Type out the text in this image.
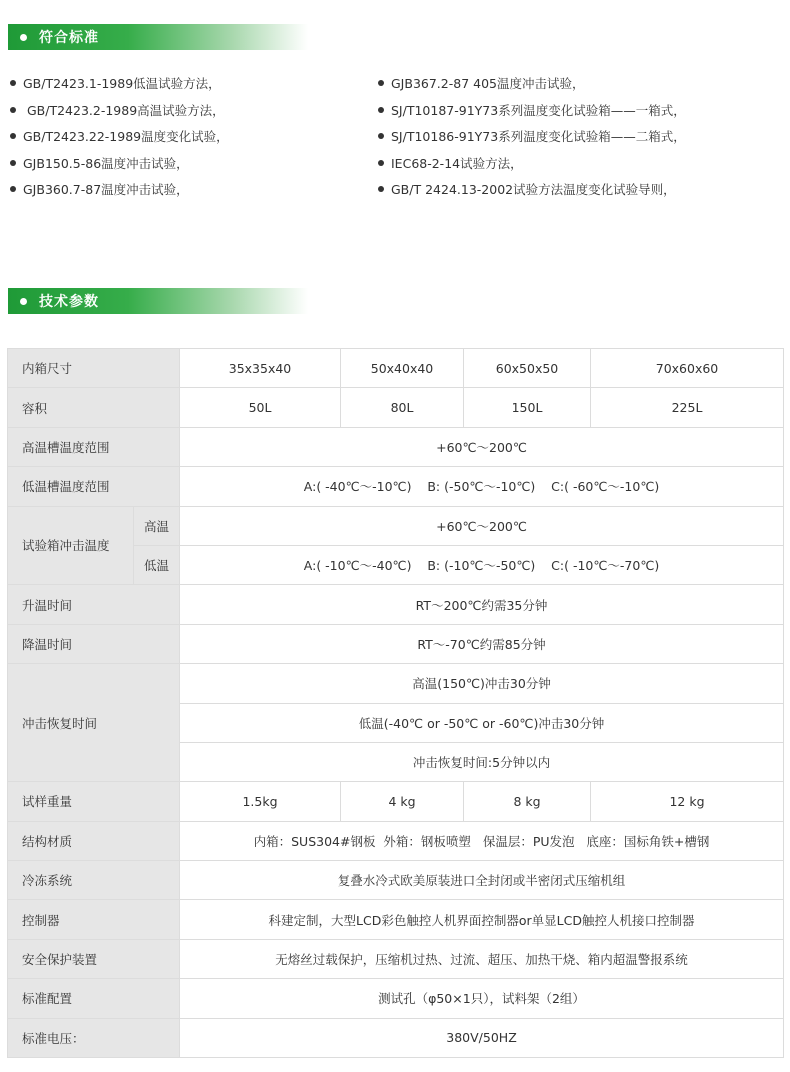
符合标准
GB/T2423.1-1989低温试验方法，
GB/T2423.2-1989高温试验方法，
GB/T2423.22-1989温度变化试验，
GJB150.5-86温度冲击试验，
GJB360.7-87温度冲击试验，
GJB367.2-87 405温度冲击试验，
SJ/T10187-91Y73系列温度变化试验箱——一箱式，
SJ/T10186-91Y73系列温度变化试验箱——二箱式，
IEC68-2-14试验方法，
GB/T 2424.13-2002试验方法温度变化试验导则，
技术参数
内箱尺寸		35x35x40	50x40x40	60x50x50	70x60x60
容积		50L	80L	150L	225L
高温槽温度范围		+60℃～200℃			
低温槽温度范围		A:( -40℃～-10℃)    B: (-50℃～-10℃)    C:( -60℃～-10℃)			
试验箱冲击温度	高温	+60℃～200℃			
	低温	A:( -10℃～-40℃)    B: (-10℃～-50℃)    C:( -10℃～-70℃)			
升温时间		RT～200℃约需35分钟			
降温时间		RT～-70℃约需85分钟			
冲击恢复时间		高温(150℃)冲击30分钟			
		低温(-40℃ or -50℃ or -60℃)冲击30分钟			
		冲击恢复时间:5分钟以内			
试样重量		1.5kg	4 kg	8 kg	12 kg
结构材质		内箱：SUS304#钢板  外箱：钢板喷塑   保温层：PU发泡   底座：国标角铁+槽钢			
冷冻系统		复叠水冷式欧美原装进口全封闭或半密闭式压缩机组			
控制器		科建定制，大型LCD彩色触控人机界面控制器or单显LCD触控人机接口控制器			
安全保护装置		无熔丝过载保护，压缩机过热、过流、超压、加热干烧、箱内超温警报系统			
标准配置		测试孔（φ50×1只），试料架（2组）			
标准电压：		380V/50HZ			
